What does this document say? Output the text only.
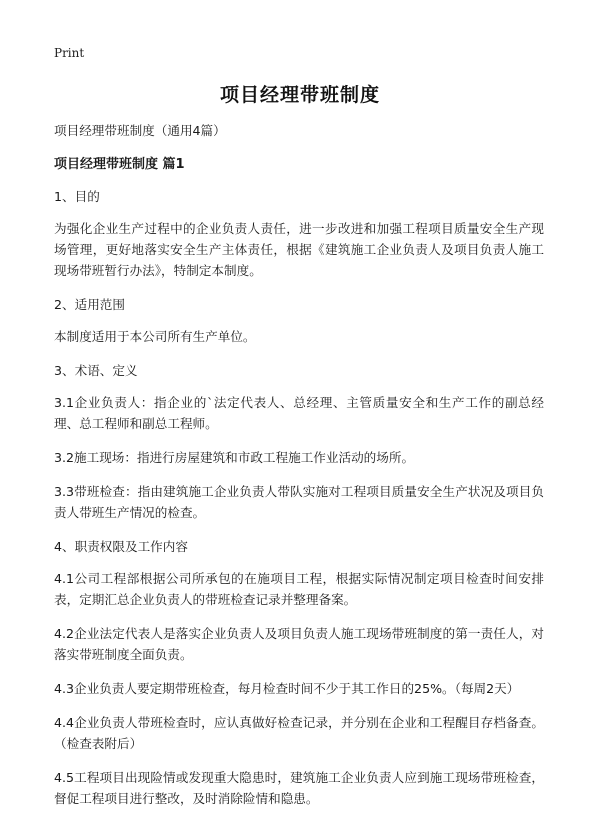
Print
项目经理带班制度

项目经理带班制度（通用4篇）

项目经理带班制度 篇1

1、目的

为强化企业生产过程中的企业负责人责任，进一步改进和加强工程项目质量安全生产现场管理，更好地落实安全生产主体责任，根据《建筑施工企业负责人及项目负责人施工现场带班暂行办法》，特制定本制度。

2、适用范围

本制度适用于本公司所有生产单位。

3、术语、定义

3.1企业负责人：指企业的`法定代表人、总经理、主管质量安全和生产工作的副总经理、总工程师和副总工程师。

3.2施工现场：指进行房屋建筑和市政工程施工作业活动的场所。

3.3带班检查：指由建筑施工企业负责人带队实施对工程项目质量安全生产状况及项目负责人带班生产情况的检查。

4、职责权限及工作内容

4.1公司工程部根据公司所承包的在施项目工程，根据实际情况制定项目检查时间安排表，定期汇总企业负责人的带班检查记录并整理备案。

4.2企业法定代表人是落实企业负责人及项目负责人施工现场带班制度的第一责任人，对落实带班制度全面负责。

4.3企业负责人要定期带班检查，每月检查时间不少于其工作日的25%。（每周2天）

4.4企业负责人带班检查时，应认真做好检查记录，并分别在企业和工程醒目存档备查。（检查表附后）

4.5工程项目出现险情或发现重大隐患时，建筑施工企业负责人应到施工现场带班检查，督促工程项目进行整改，及时消除险情和隐患。
